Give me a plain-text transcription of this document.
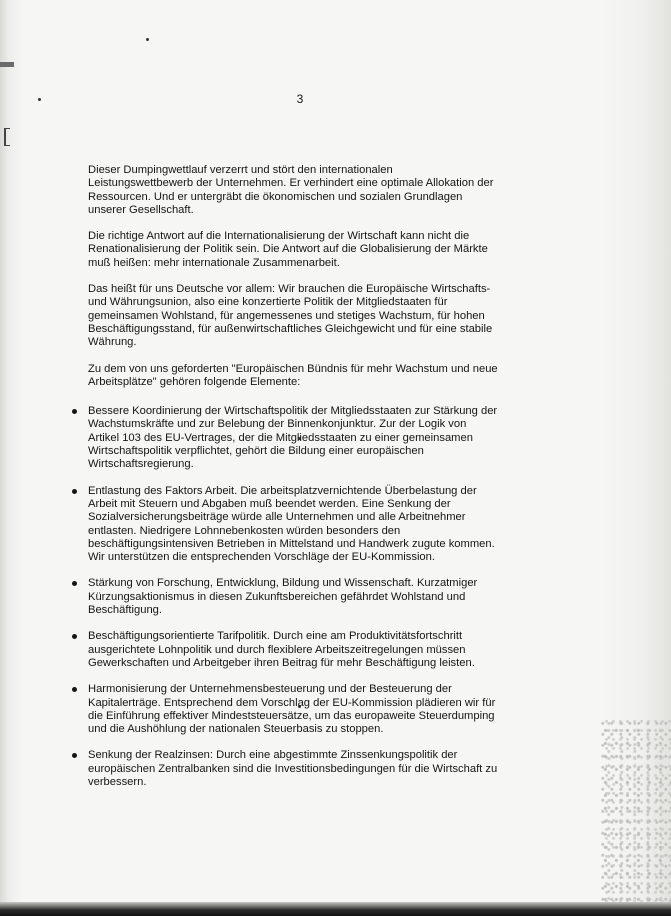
3

Dieser Dumpingwettlauf verzerrt und stört den internationalen Leistungswettbewerb der Unternehmen. Er verhindert eine optimale Allokation der Ressourcen. Und er untergräbt die ökonomischen und sozialen Grundlagen unserer Gesellschaft.

Die richtige Antwort auf die Internationalisierung der Wirtschaft kann nicht die Renationalisierung der Politik sein. Die Antwort auf die Globalisierung der Märkte muß heißen: mehr internationale Zusammenarbeit.

Das heißt für uns Deutsche vor allem: Wir brauchen die Europäische Wirtschafts- und Währungsunion, also eine konzertierte Politik der Mitgliedstaaten für gemeinsamen Wohlstand, für angemessenes und stetiges Wachstum, für hohen Beschäftigungsstand, für außenwirtschaftliches Gleichgewicht und für eine stabile Währung.

Zu dem von uns geforderten "Europäischen Bündnis für mehr Wachstum und neue Arbeitsplätze" gehören folgende Elemente:

Bessere Koordinierung der Wirtschaftspolitik der Mitgliedsstaaten zur Stärkung der Wachstumskräfte und zur Belebung der Binnenkonjunktur. Zur der Logik von Artikel 103 des EU-Vertrages, der die Mitgliedsstaaten zu einer gemeinsamen Wirtschaftspolitik verpflichtet, gehört die Bildung einer europäischen Wirtschaftsregierung.
Entlastung des Faktors Arbeit. Die arbeitsplatzvernichtende Überbelastung der Arbeit mit Steuern und Abgaben muß beendet werden. Eine Senkung der Sozialversicherungsbeiträge würde alle Unternehmen und alle Arbeitnehmer entlasten. Niedrigere Lohnnebenkosten würden besonders den beschäftigungsintensiven Betrieben in Mittelstand und Handwerk zugute kommen. Wir unterstützen die entsprechenden Vorschläge der EU-Kommission.
Stärkung von Forschung, Entwicklung, Bildung und Wissenschaft. Kurzatmiger Kürzungsaktionismus in diesen Zukunftsbereichen gefährdet Wohlstand und Beschäftigung.
Beschäftigungsorientierte Tarifpolitik. Durch eine am Produktivitätsfortschritt ausgerichtete Lohnpolitik und durch flexiblere Arbeitszeitregelungen müssen Gewerkschaften und Arbeitgeber ihren Beitrag für mehr Beschäftigung leisten.
Harmonisierung der Unternehmensbesteuerung und der Besteuerung der Kapitalerträge. Entsprechend dem Vorschlag der EU-Kommission plädieren wir für die Einführung effektiver Mindeststeuersätze, um das europaweite Steuerdumping und die Aushöhlung der nationalen Steuerbasis zu stoppen.
Senkung der Realzinsen: Durch eine abgestimmte Zinssenkungspolitik der europäischen Zentralbanken sind die Investitionsbedingungen für die Wirtschaft zu verbessern.
